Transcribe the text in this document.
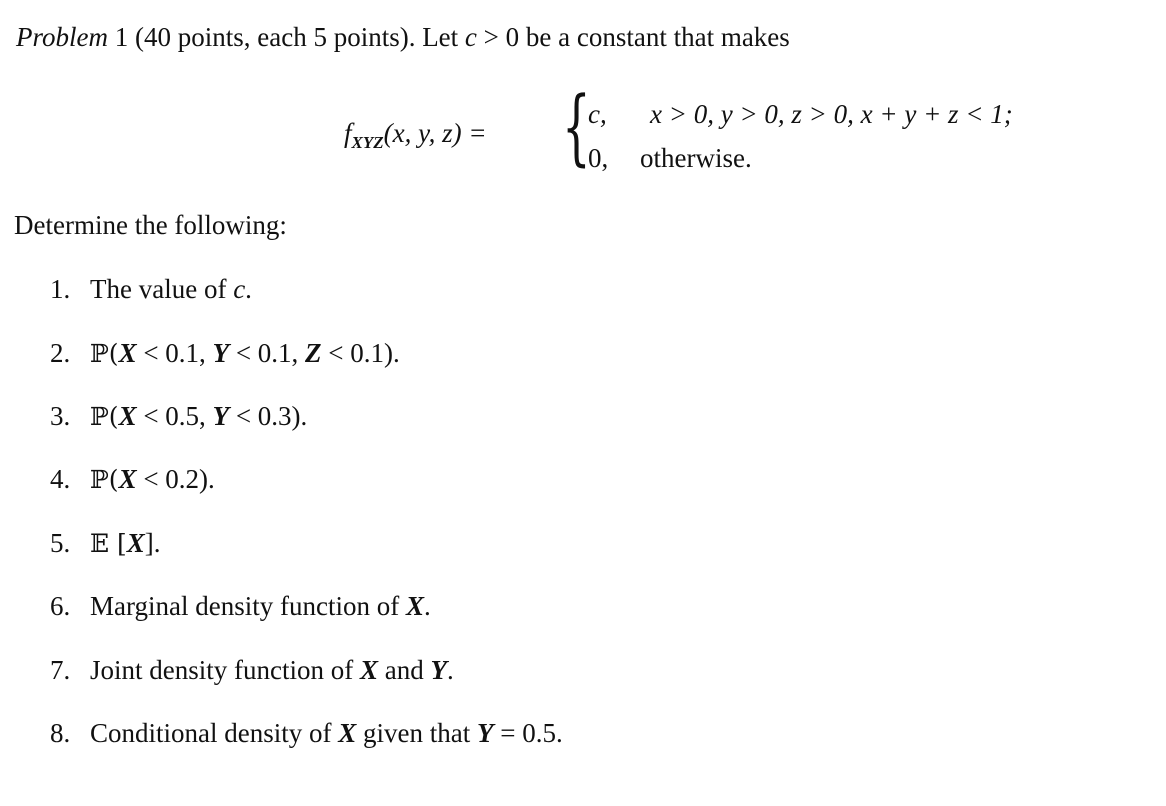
Problem 1 (40 points, each 5 points). Let c > 0 be a constant that makes
$f_{XYZ}(x$, y, z) = {
c, x > 0, y > 0, z > 0, x + y + z < 1;
0, otherwise.
Determine the following:
1. The value of c.
2. ℙ(X < 0.1, Y < 0.1, Z < 0.1).
3. ℙ(X < 0.5, Y < 0.3).
4. ℙ(X < 0.2).
5. 𝔼 [X].
6. Marginal density function of X.
7. Joint density function of X and Y.
8. Conditional density of X given that Y = 0.5.
